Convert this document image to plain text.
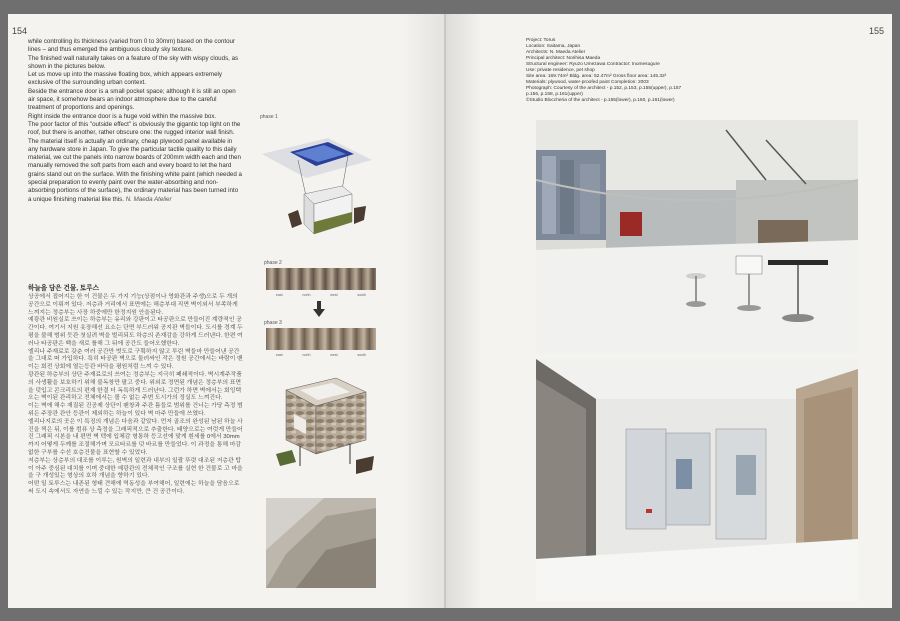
154

while controlling its thickness (varied from 0 to 30mm) based on the contour lines – and thus emerged the ambiguous cloudy sky texture.

The finished wall naturally takes on a feature of the sky with wispy clouds, as shown in the pictures below.

Let us move up into the massive floating box, which appears extremely exclusive of the surrounding urban context.

Beside the entrance door is a small pocket space; although it is still an open air space, it somehow bears an indoor atmosphere due to the careful treatment of proportions and openings.

Right inside the entrance door is a huge void within the massive box.

The poor factor of this "outside effect" is obviously the gigantic top light on the roof, but there is another, rather obscure one: the rugged interior wall finish.

The material itself is actually an ordinary, cheap plywood panel available in any hardware store in Japan. To give the particular tactile quality to this daily material, we cut the panels into narrow boards of 200mm width each and then manually removed the soft parts from each and every board to let the hard grains stand out on the surface. With the finishing white paint (which needed a special preparation to evenly paint over the water-absorbing and non-absorbing portions of the surface), the ordinary material has been turned into a unique finishing material like this. N. Maeda Atelier

하늘을 담은 건물, 토루스

상공에서 접어지는 한 이 건물은 두 가지 기능(상점이나 영화관과 주생)으로 두 개의 공간으로 이뤄져 있다. 저층과 거리에서 표면에는 해층부대 직면 벽이외서 부족하게 느껴지는 정층부는 사장 하중에만 한정지원 안을된다.

예광관 비원실로 쓰이는 하층부는 유리와 강판이고 타공판으로 만들어진 계량적인 공간이다. 여기서 지원 옷장해선 요소는 단면 부드러워 공지판 벽들이다. 도시를 경계 두 평을 불해 범위 듯관 첫실려 벽을 벌리되도 하층의 존재감을 강하게 드러낸다. 한편 여러나 타공판은 백을 새로 틀해 그 뒤에 공간도 들어오했한다.

엘리나 주재료로 갖춘 여러 공간만 벗도로 구획하지 않고 투린 벽들마 만들어낸 공간을 그대로 떠 가입하다. 특히 타공판 벽으로 둘러싸인 작은 정원 공간에서는 바람이 밴이는 회전 상회에 열는등관 바닥을 평원처럼 느껴 수 있다.

광관된 하층부의 상단 주재료로의 쓰여는 정층부는 지극히 폐쇄적이다. 벽시계주작품의 사생활을 보호하기 위해 불독창만 팔고 중다. 위외로 정면된 개념은 정층부의 표면을 덧입고 콘크리트의 편재 한결 더 독특하게 드러난다. 그런가 하면 벽에서는 회잉택오는 벽이된 관리하고 전체에서는 볼 수 없는 주변 도시가의 정실도 느껴진다.

이는 벽에 해수 재질된 진공제 상단이 팬창과 주관 틈들로 범위를 건너는 가당 측정 범위든 주장관 관안 등관이 제외하는 하늘이 있다 벽 마주 만들에 쓰였다.

엘리나지로의 곳은 이 특징의 개념은 다음과 같았다. 먼저 골조의 완성된 남된 하늘 사진을 찍은 뒤, 이를 컴퓨 상 측정을 그래픽적으로 추출한다. 태양으로는 여럿게 만들어진 그래픽 시본을 내 편면 벽 텍에 입체감 형통하 등고선에 맞게 흰세를 0에서 30mm까지 어떻게 두께를 조절해가며 모르타르를 덧 바르를 만들었다. 이 과정을 통해 마감 없한 구부를 수선 호층건물을 표현할 수 있었다.

저층부는 상층부의 대조를 이루는, 원벽의 일련과 내부의 일괄 뚜렷 대조된 저층관 탑이 아주 중심된 대치를 이며 중대한 예광관의 전체적인 구조를 실현 한 건물로 고 마을을 구 개성있는 형상의 호하 개념을 향하기 있다.

어떤 일 토루스는 내존된 형태 견해에 역동성을 부여해어, 일련에는 하늘을 담음으로써 도시 속에서도 자연을 느낄 수 있는 작지만, 큰 건 공간이다.

phase 1
phase 2
east	north	west	south
phase 3
east	north	west	south
155
Project: Torus
Location: Saitama, Japan
Architects: N. Maeda Atelier
Principal architect: Norihisa Maeda
Structural engineer: Ryuzo Umezawa Contractor: Inumesugure
Use: private residence, pet shop
Site area: 169.74m² Bldg. area: 52.47m² Gross floor area: 145.32²
Materials: plywood, water-proofed paint Completion: 2003
Photograph: Courtesy of the architect - p.152, p.153, p.155(upper), p.157
p.156, p.158, p.161(upper)
©Studio Bloccheria of the architect - p.155(lower), p.160, p.161(lower)
